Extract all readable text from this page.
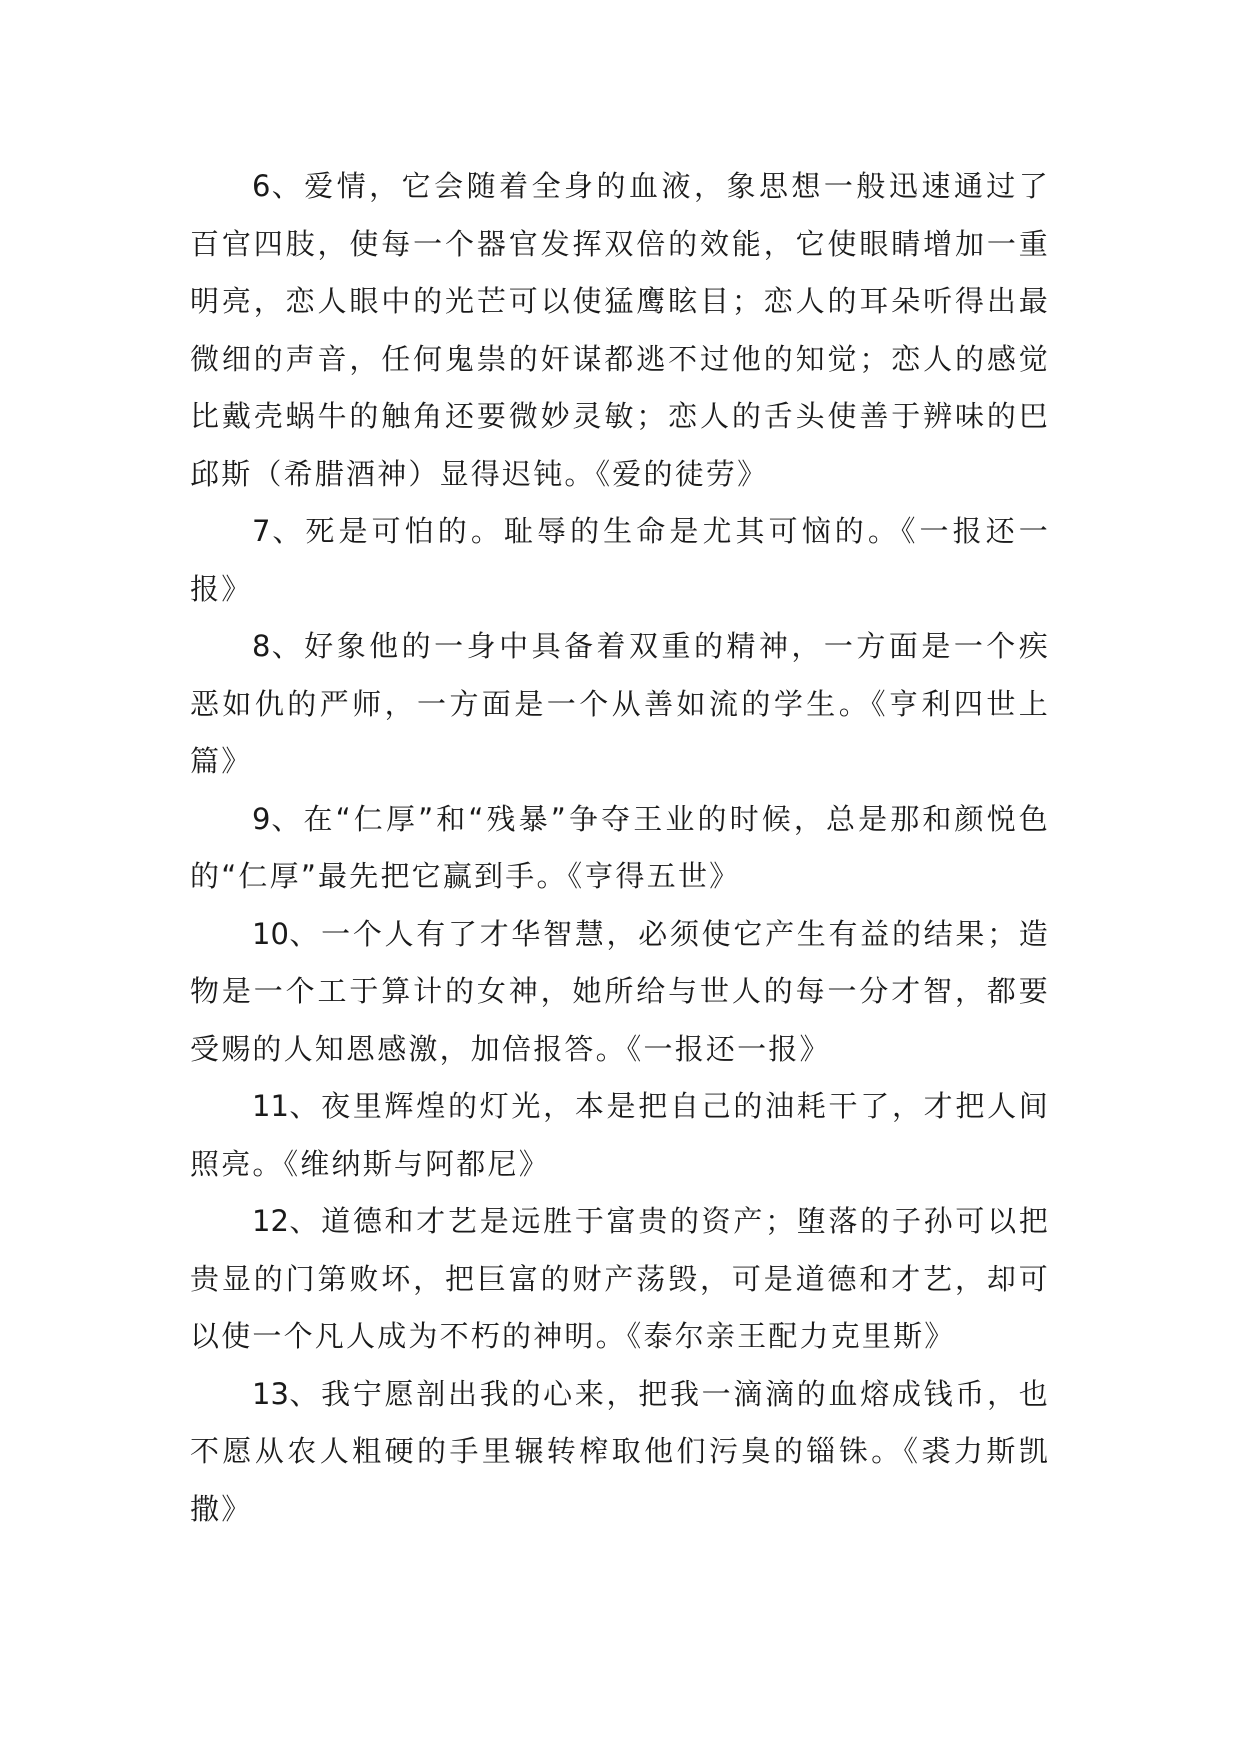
6、爱情，它会随着全身的血液，象思想一般迅速通过了百官四肢，使每一个器官发挥双倍的效能，它使眼睛增加一重明亮，恋人眼中的光芒可以使猛鹰眩目；恋人的耳朵听得出最微细的声音，任何鬼祟的奸谋都逃不过他的知觉；恋人的感觉比戴壳蜗牛的触角还要微妙灵敏；恋人的舌头使善于辨味的巴邱斯（希腊酒神）显得迟钝。《爱的徒劳》

7、死是可怕的。耻辱的生命是尤其可恼的。《一报还一报》

8、好象他的一身中具备着双重的精神，一方面是一个疾恶如仇的严师，一方面是一个从善如流的学生。《亨利四世上篇》

9、在“仁厚”和“残暴”争夺王业的时候，总是那和颜悦色的“仁厚”最先把它赢到手。《亨得五世》

10、一个人有了才华智慧，必须使它产生有益的结果；造物是一个工于算计的女神，她所给与世人的每一分才智，都要受赐的人知恩感激，加倍报答。《一报还一报》

11、夜里辉煌的灯光，本是把自己的油耗干了，才把人间照亮。《维纳斯与阿都尼》

12、道德和才艺是远胜于富贵的资产；堕落的子孙可以把贵显的门第败坏，把巨富的财产荡毁，可是道德和才艺，却可以使一个凡人成为不朽的神明。《泰尔亲王配力克里斯》

13、我宁愿剖出我的心来，把我一滴滴的血熔成钱币，也不愿从农人粗硬的手里辗转榨取他们污臭的锱铢。《裘力斯凯撒》
